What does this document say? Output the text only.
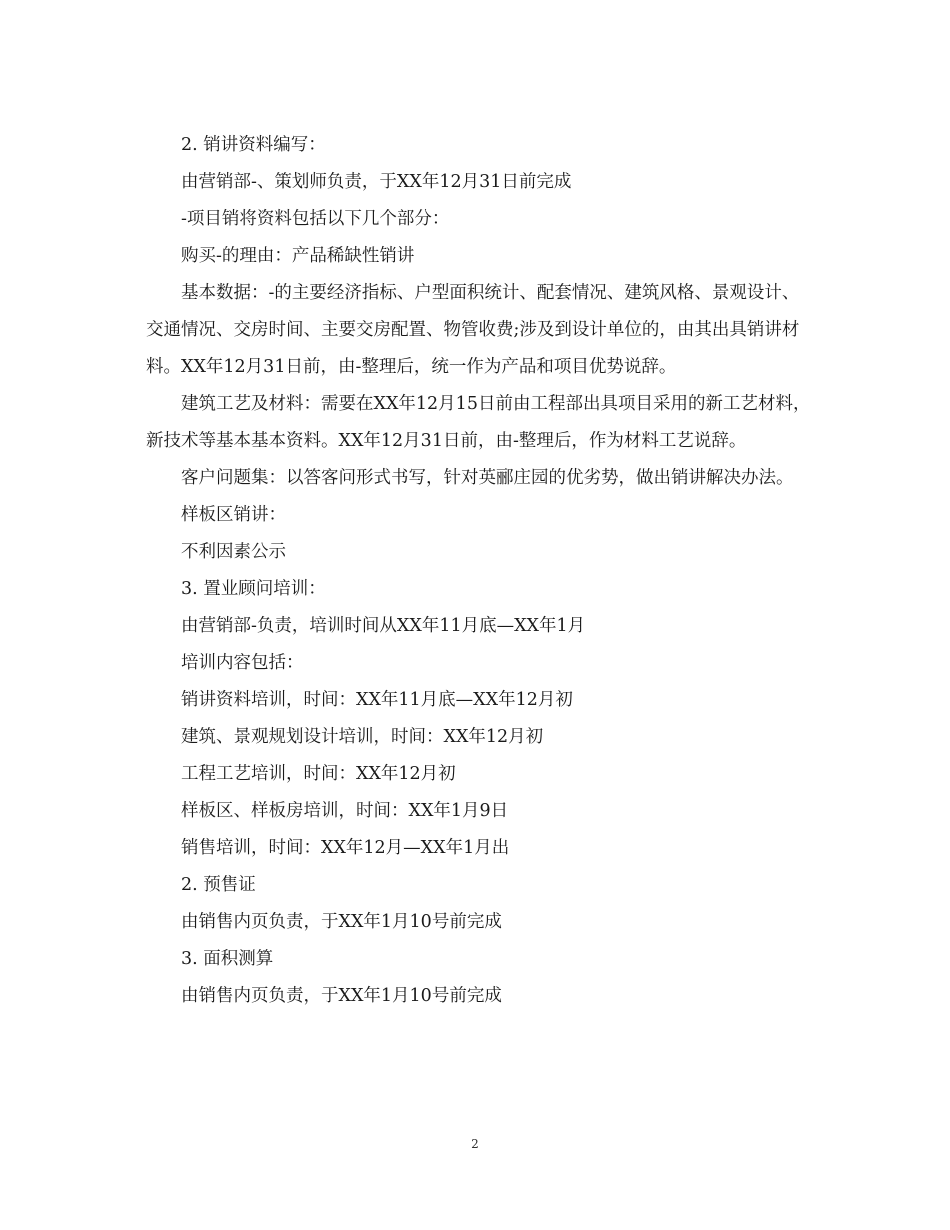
2. 销讲资料编写：

由营销部-、策划师负责，于XX年12月31日前完成

-项目销将资料包括以下几个部分：

购买-的理由：产品稀缺性销讲

基本数据：-的主要经济指标、户型面积统计、配套情况、建筑风格、景观设计、交通情况、交房时间、主要交房配置、物管收费;涉及到设计单位的，由其出具销讲材料。XX年12月31日前，由-整理后，统一作为产品和项目优势说辞。

建筑工艺及材料：需要在XX年12月15日前由工程部出具项目采用的新工艺材料，新技术等基本基本资料。XX年12月31日前，由-整理后，作为材料工艺说辞。

客户问题集：以答客问形式书写，针对英郦庄园的优劣势，做出销讲解决办法。

样板区销讲：

不利因素公示

3. 置业顾问培训：

由营销部-负责，培训时间从XX年11月底—XX年1月

培训内容包括：

销讲资料培训，时间：XX年11月底—XX年12月初

建筑、景观规划设计培训，时间：XX年12月初

工程工艺培训，时间：XX年12月初

样板区、样板房培训，时间：XX年1月9日

销售培训，时间：XX年12月—XX年1月出

2. 预售证

由销售内页负责，于XX年1月10号前完成

3. 面积测算

由销售内页负责，于XX年1月10号前完成

2
